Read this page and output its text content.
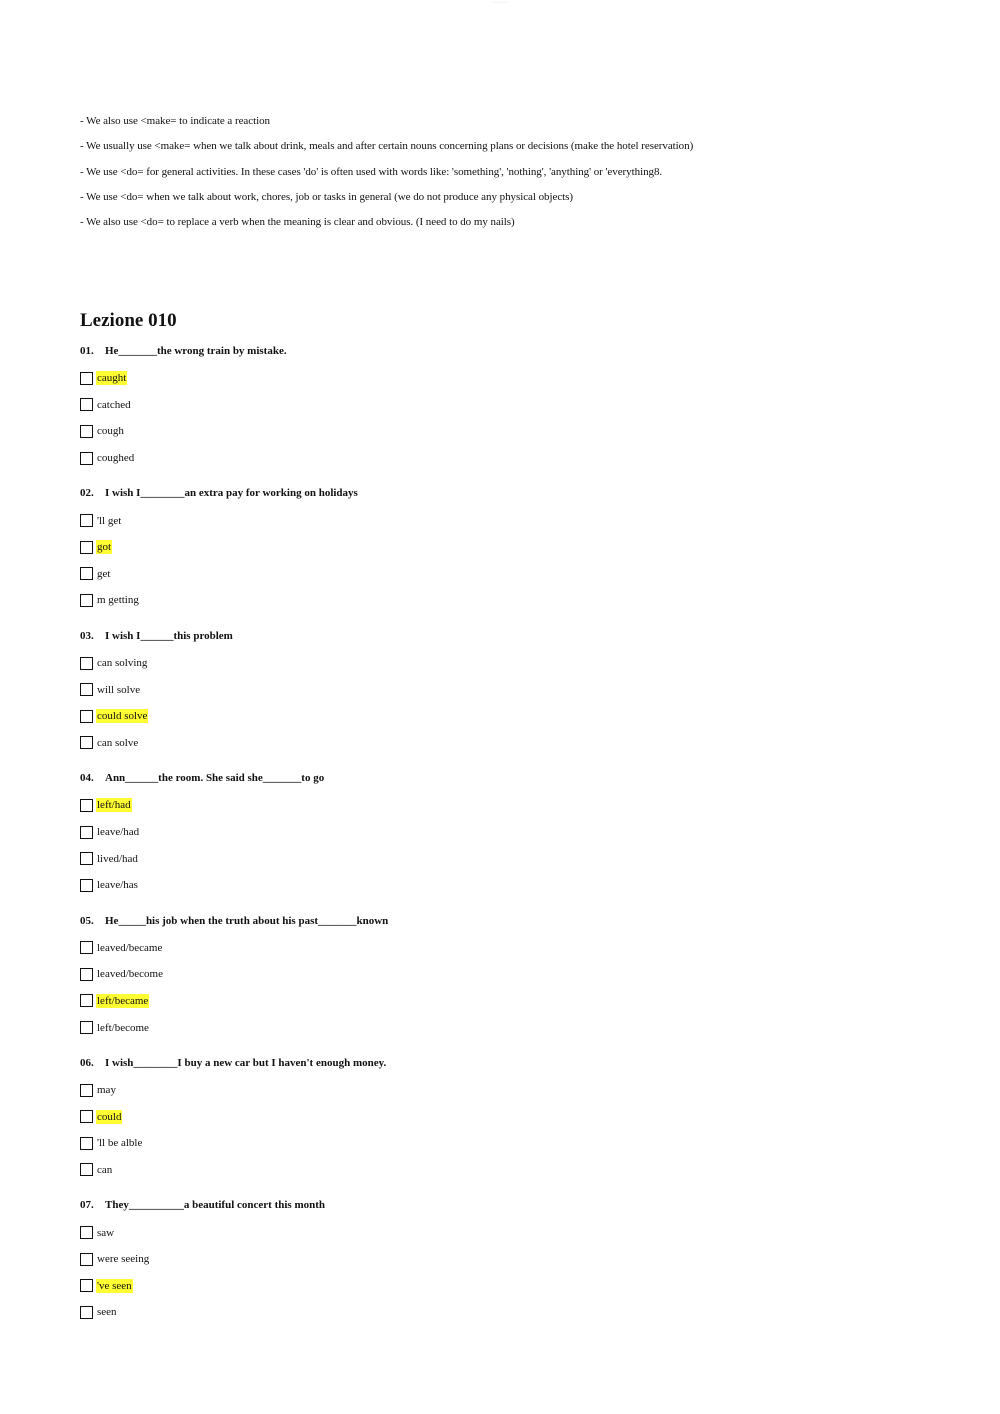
·· ·· ·· ·· ··
- We also use <make= to indicate a reaction
- We usually use <make= when we talk about drink, meals and after certain nouns concerning plans or decisions (make the hotel reservation)
- We use <do= for general activities. In these cases 'do' is often used with words like: 'something', 'nothing', 'anything' or 'everything8.
- We use <do= when we talk about work, chores, job or tasks in general (we do not produce any physical objects)
- We also use <do= to replace a verb when the meaning is clear and obvious. (I need to do my nails)
Lezione 010
01. He_______the wrong train by mistake.
caught
catched
cough
coughed
02. I wish I________an extra pay for working on holidays
'll get
got
get
m getting
03. I wish I______this problem
can solving
will solve
could solve
can solve
04. Ann______the room. She said she_______to go
left/had
leave/had
lived/had
leave/has
05. He_____his job when the truth about his past_______known
leaved/became
leaved/become
left/became
left/become
06. I wish________I buy a new car but I haven't enough money.
may
could
'll be alble
can
07. They__________a beautiful concert this month
saw
were seeing
've seen
seen
